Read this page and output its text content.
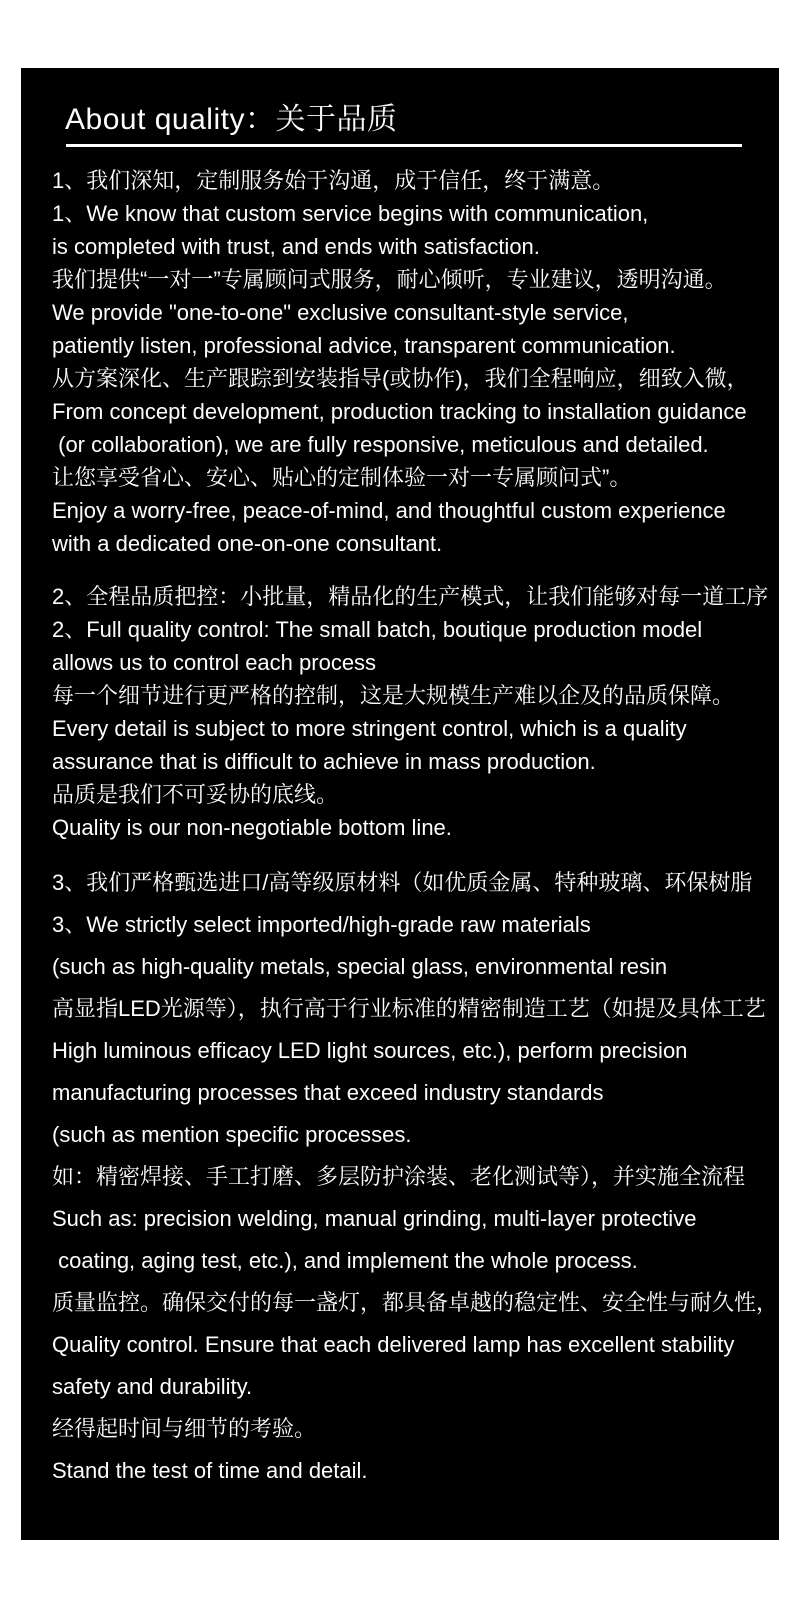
About quality：关于品质
1、我们深知，定制服务始于沟通，成于信任，终于满意。
1、We know that custom service begins with communication,
is completed with trust, and ends with satisfaction.
我们提供“一对一”专属顾问式服务，耐心倾听，专业建议，透明沟通。
We provide "one-to-one" exclusive consultant-style service,
patiently listen, professional advice, transparent communication.
从方案深化、生产跟踪到安装指导(或协作)，我们全程响应，细致入微，
From concept development, production tracking to installation guidance
(or collaboration), we are fully responsive, meticulous and detailed.
让您享受省心、安心、贴心的定制体验一对一专属顾问式”。
Enjoy a worry-free, peace-of-mind, and thoughtful custom experience
with a dedicated one-on-one consultant.
2、全程品质把控：小批量，精品化的生产模式，让我们能够对每一道工序
2、Full quality control: The small batch, boutique production model
allows us to control each process
每一个细节进行更严格的控制，这是大规模生产难以企及的品质保障。
Every detail is subject to more stringent control, which is a quality
assurance that is difficult to achieve in mass production.
品质是我们不可妥协的底线。
Quality is our non-negotiable bottom line.
3、我们严格甄选进口/高等级原材料（如优质金属、特种玻璃、环保树脂
3、We strictly select imported/high-grade raw materials
(such as high-quality metals, special glass, environmental resin
高显指LED光源等），执行高于行业标准的精密制造工艺（如提及具体工艺
High luminous efficacy LED light sources, etc.), perform precision
manufacturing processes that exceed industry standards
(such as mention specific processes.
如：精密焊接、手工打磨、多层防护涂装、老化测试等），并实施全流程
Such as: precision welding, manual grinding, multi-layer protective
coating, aging test, etc.), and implement the whole process.
质量监控。确保交付的每一盏灯，都具备卓越的稳定性、安全性与耐久性，
Quality control. Ensure that each delivered lamp has excellent stability
safety and durability.
经得起时间与细节的考验。
Stand the test of time and detail.
